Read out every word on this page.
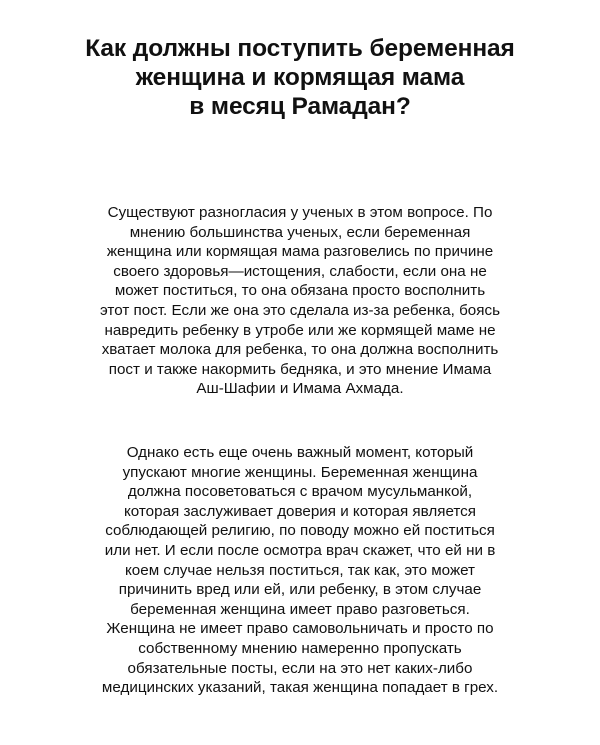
Как должны поступить беременная
женщина и кормящая мама
в месяц Рамадан?

Существуют разногласия у ученых в этом вопросе. По
мнению большинства ученых, если беременная
женщина или кормящая мама разговелись по причине
своего здоровья—истощения, слабости, если она не
может поститься, то она обязана просто восполнить
этот пост. Если же она это сделала из-за ребенка, боясь
навредить ребенку в утробе или же кормящей маме не
хватает молока для ребенка, то она должна восполнить
пост и также накормить бедняка, и это мнение Имама
Аш-Шафии и Имама Ахмада.

Однако есть еще очень важный момент, который
упускают многие женщины. Беременная женщина
должна посоветоваться с врачом мусульманкой,
которая заслуживает доверия и которая является
соблюдающей религию, по поводу можно ей поститься
или нет. И если после осмотра врач скажет, что ей ни в
коем случае нельзя поститься, так как, это может
причинить вред или ей, или ребенку, в этом случае
беременная женщина имеет право разговеться.
Женщина не имеет право самовольничать и просто по
собственному мнению намеренно пропускать
обязательные посты, если на это нет каких-либо
медицинских указаний, такая женщина попадает в грех.
